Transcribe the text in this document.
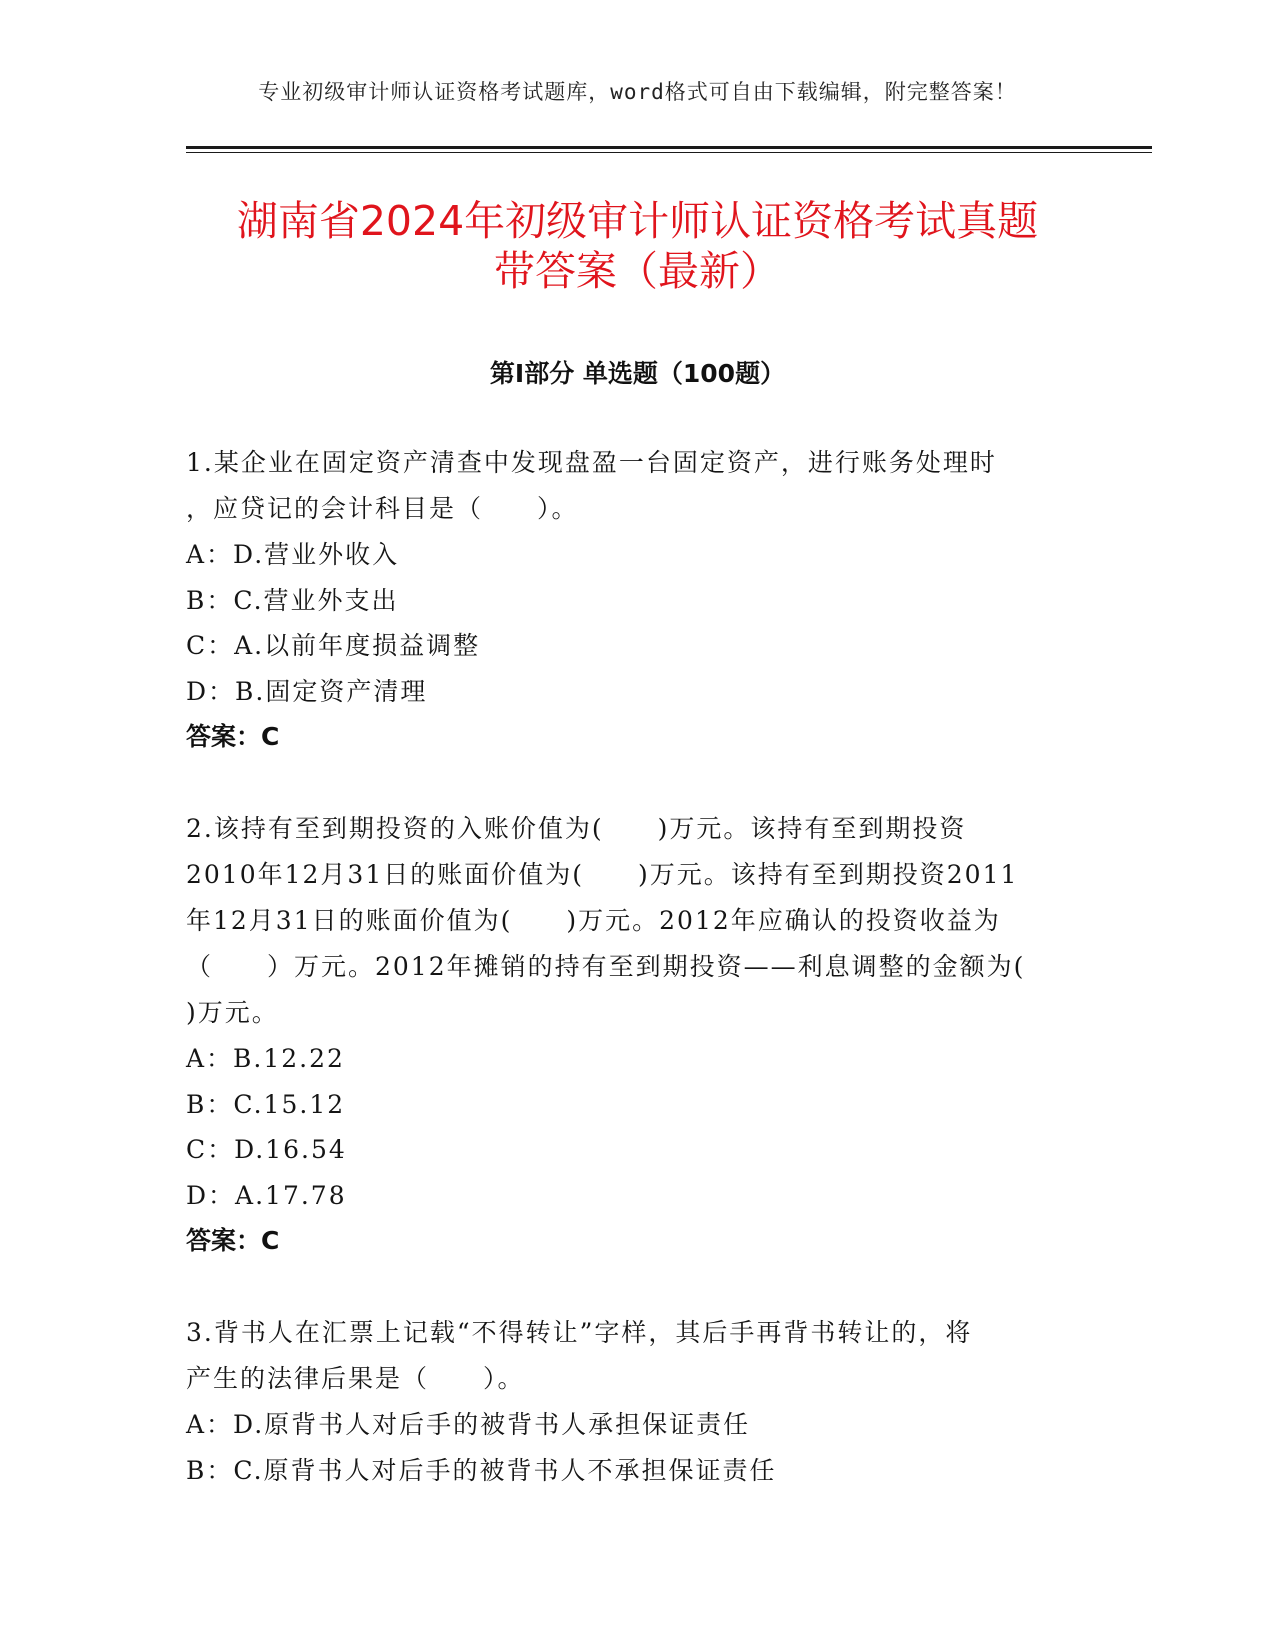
专业初级审计师认证资格考试题库，word格式可自由下载编辑，附完整答案！
湖南省2024年初级审计师认证资格考试真题
带答案（最新）
第Ⅰ部分 单选题（100题）
1.某企业在固定资产清查中发现盘盈一台固定资产，进行账务处理时
，应贷记的会计科目是（　　）。
A：D.营业外收入
B：C.营业外支出
C：A.以前年度损益调整
D：B.固定资产清理
答案：C
2.该持有至到期投资的入账价值为(　　)万元。该持有至到期投资
2010年12月31日的账面价值为(　　)万元。该持有至到期投资2011
年12月31日的账面价值为(　　)万元。2012年应确认的投资收益为
（　　）万元。2012年摊销的持有至到期投资——利息调整的金额为(
)万元。
A：B.12.22
B：C.15.12
C：D.16.54
D：A.17.78
答案：C
3.背书人在汇票上记载“不得转让”字样，其后手再背书转让的，将
产生的法律后果是（　　）。
A：D.原背书人对后手的被背书人承担保证责任
B：C.原背书人对后手的被背书人不承担保证责任
